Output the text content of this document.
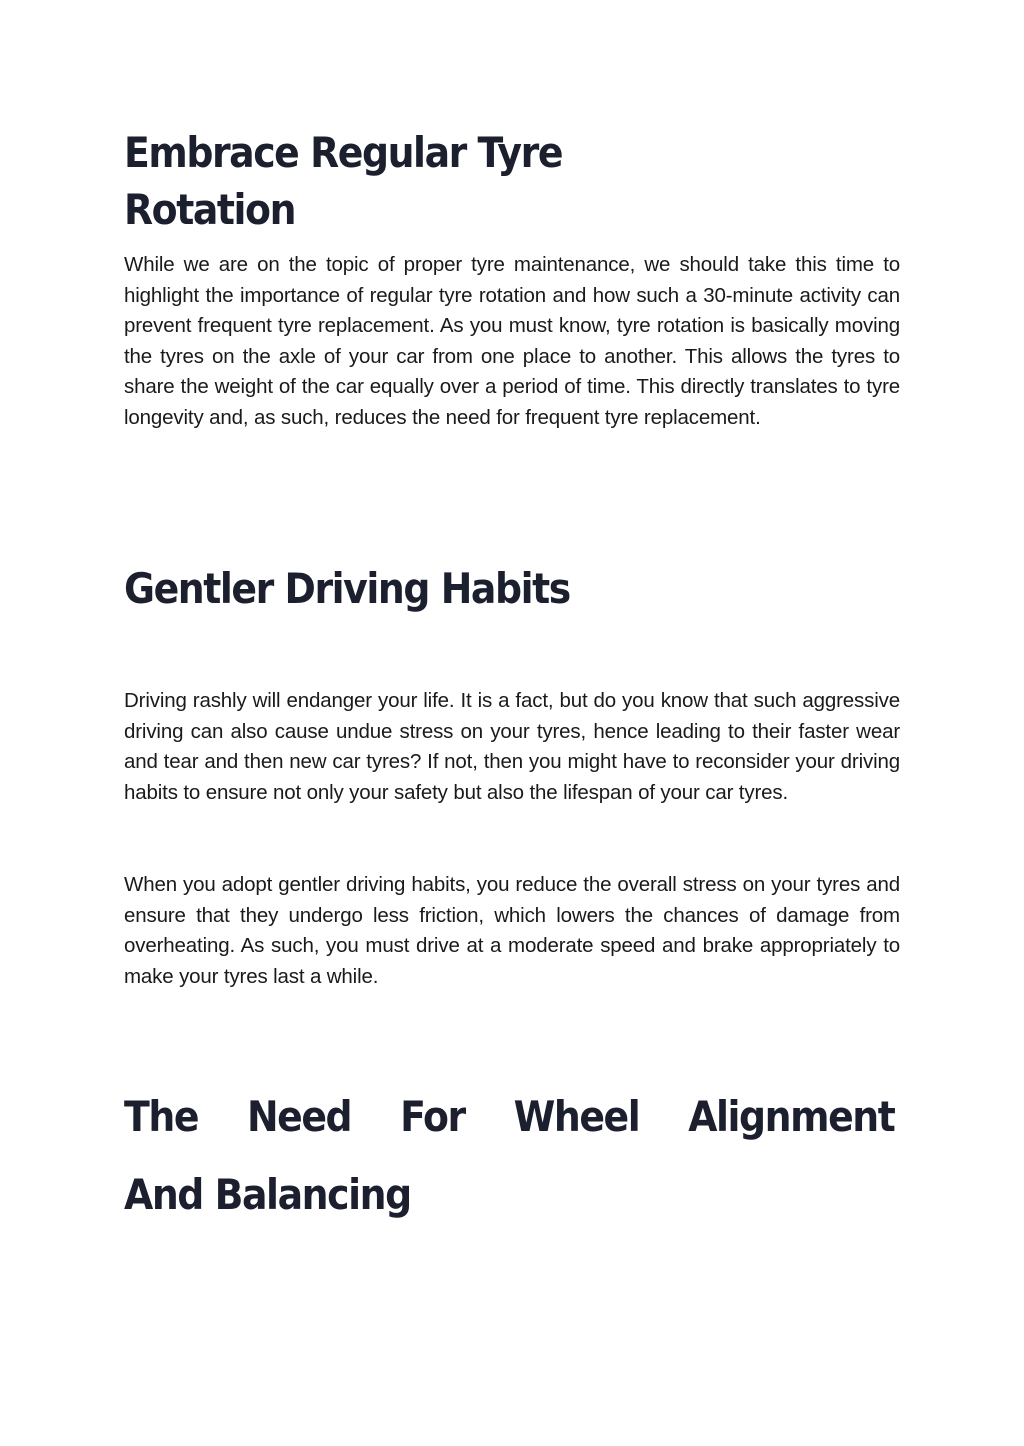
Embrace Regular Tyre Rotation

While we are on the topic of proper tyre maintenance, we should take this time to highlight the importance of regular tyre rotation and how such a 30-minute activity can prevent frequent tyre replacement. As you must know, tyre rotation is basically moving the tyres on the axle of your car from one place to another. This allows the tyres to share the weight of the car equally over a period of time. This directly translates to tyre longevity and, as such, reduces the need for frequent tyre replacement.

Gentler Driving Habits

Driving rashly will endanger your life. It is a fact, but do you know that such aggressive driving can also cause undue stress on your tyres, hence leading to their faster wear and tear and then new car tyres? If not, then you might have to reconsider your driving habits to ensure not only your safety but also the lifespan of your car tyres.

When you adopt gentler driving habits, you reduce the overall stress on your tyres and ensure that they undergo less friction, which lowers the chances of damage from overheating. As such, you must drive at a moderate speed and brake appropriately to make your tyres last a while.

The Need For Wheel Alignment
And Balancing
